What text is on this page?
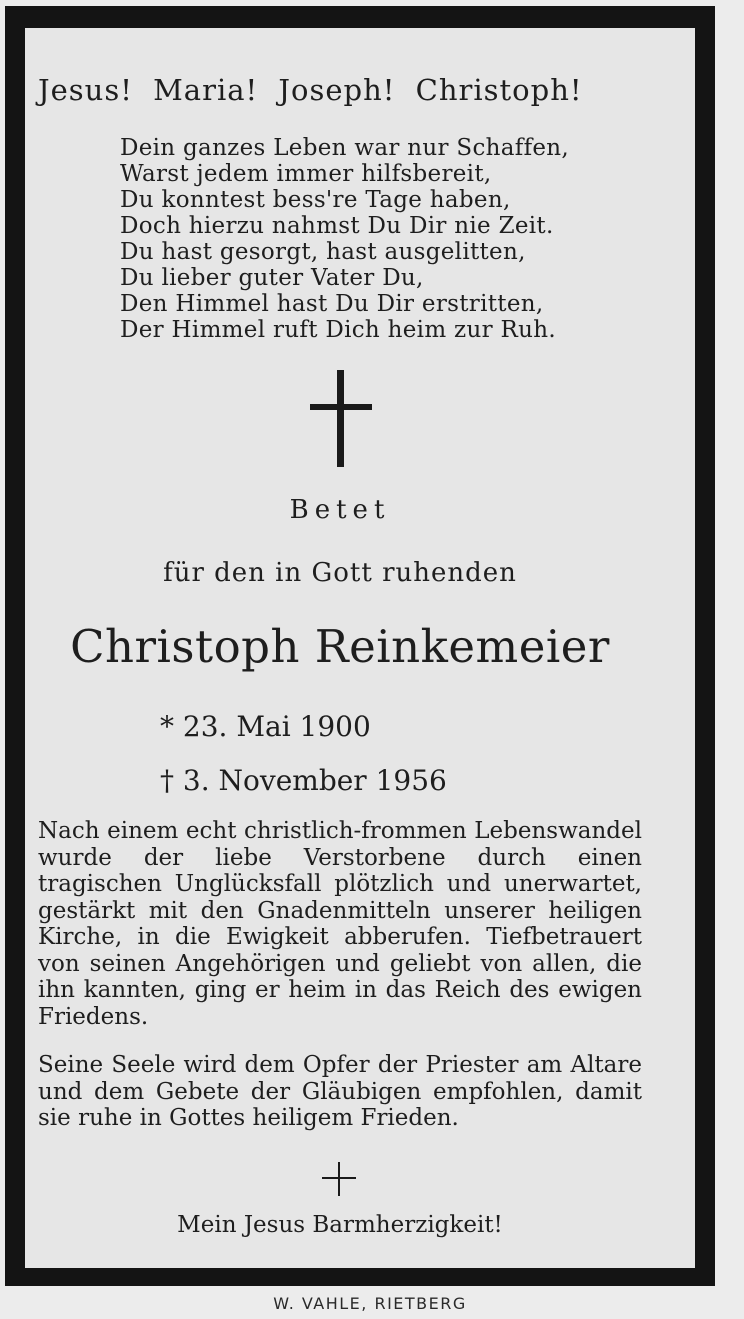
Jesus! Maria! Joseph! Christoph!
Dein ganzes Leben war nur Schaffen,
Warst jedem immer hilfsbereit,
Du konntest bess're Tage haben,
Doch hierzu nahmst Du Dir nie Zeit.
Du hast gesorgt, hast ausgelitten,
Du lieber guter Vater Du,
Den Himmel hast Du Dir erstritten,
Der Himmel ruft Dich heim zur Ruh.
Betet
für den in Gott ruhenden
Christoph Reinkemeier
* 23. Mai 1900
† 3. November 1956

Nach einem echt christlich-frommen Lebenswandel wurde der liebe Verstorbene durch einen tragischen Unglücksfall plötzlich und unerwartet, gestärkt mit den Gnadenmitteln unserer heiligen Kirche, in die Ewigkeit abberufen. Tiefbetrauert von seinen Angehörigen und geliebt von allen, die ihn kannten, ging er heim in das Reich des ewigen Friedens.

Seine Seele wird dem Opfer der Priester am Altare und dem Gebete der Gläubigen empfohlen, damit sie ruhe in Gottes heiligem Frieden.

Mein Jesus Barmherzigkeit!
W. VAHLE, RIETBERG
